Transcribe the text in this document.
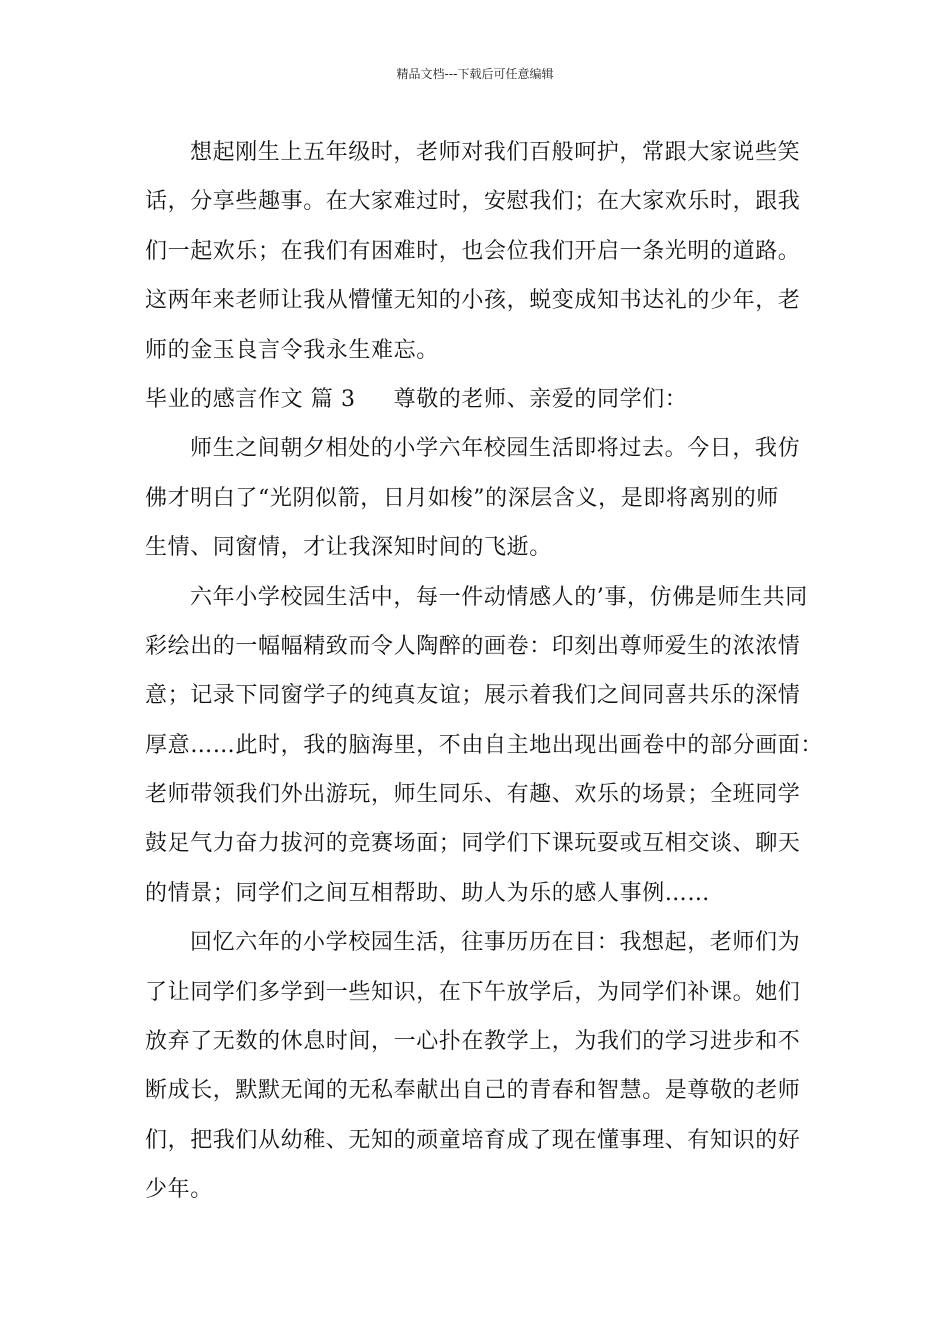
精品文档---下载后可任意编辑
想起刚生上五年级时，老师对我们百般呵护，常跟大家说些笑
话，分享些趣事。在大家难过时，安慰我们；在大家欢乐时，跟我
们一起欢乐；在我们有困难时，也会位我们开启一条光明的道路。
这两年来老师让我从懵懂无知的小孩，蜕变成知书达礼的少年，老
师的金玉良言令我永生难忘。
毕业的感言作文 篇 3 尊敬的老师、亲爱的同学们：
师生之间朝夕相处的小学六年校园生活即将过去。今日，我仿
佛才明白了“光阴似箭，日月如梭”的深层含义，是即将离别的师
生情、同窗情，才让我深知时间的飞逝。
六年小学校园生活中，每一件动情感人的’事，仿佛是师生共同
彩绘出的一幅幅精致而令人陶醉的画卷：印刻出尊师爱生的浓浓情
意；记录下同窗学子的纯真友谊；展示着我们之间同喜共乐的深情
厚意……此时，我的脑海里，不由自主地出现出画卷中的部分画面：
老师带领我们外出游玩，师生同乐、有趣、欢乐的场景；全班同学
鼓足气力奋力拔河的竞赛场面；同学们下课玩耍或互相交谈、聊天
的情景；同学们之间互相帮助、助人为乐的感人事例……
回忆六年的小学校园生活，往事历历在目：我想起，老师们为
了让同学们多学到一些知识，在下午放学后，为同学们补课。她们
放弃了无数的休息时间，一心扑在教学上，为我们的学习进步和不
断成长，默默无闻的无私奉献出自己的青春和智慧。是尊敬的老师
们，把我们从幼稚、无知的顽童培育成了现在懂事理、有知识的好
少年。
